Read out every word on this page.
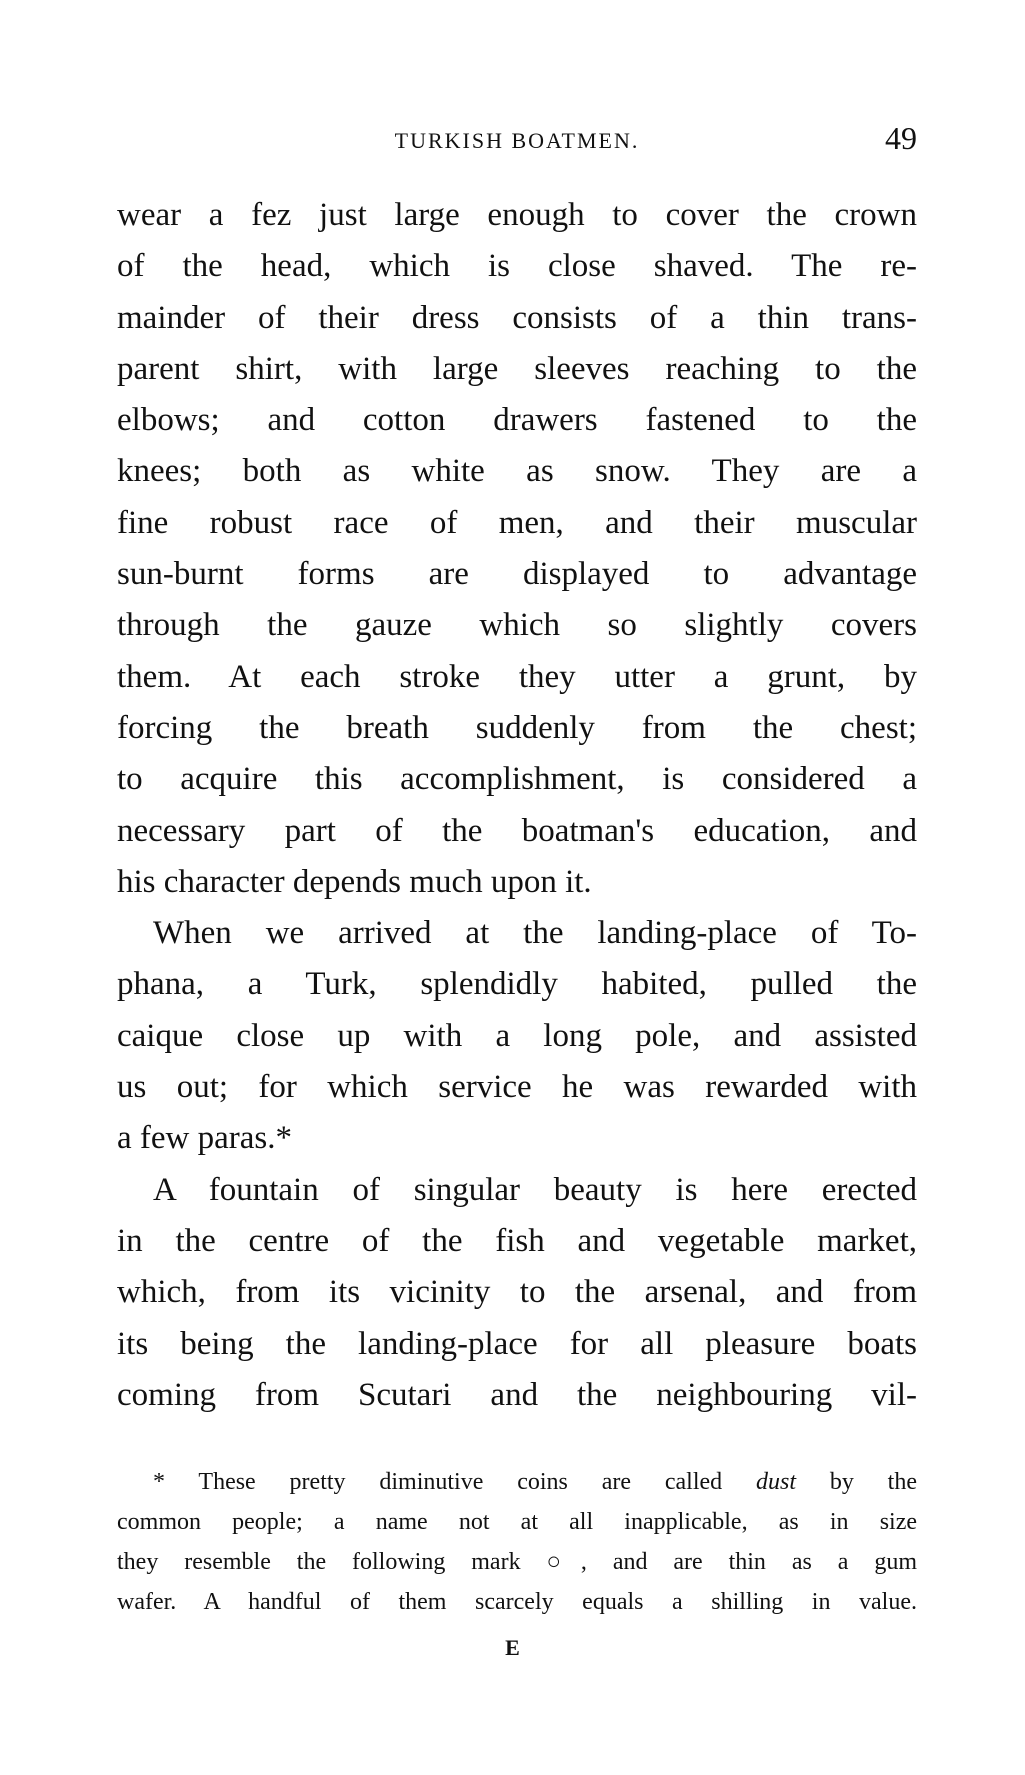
TURKISH BOATMEN.	49
wear a fez just large enough to cover the crown
of the head, which is close shaved. The re-
mainder of their dress consists of a thin trans-
parent shirt, with large sleeves reaching to the
elbows; and cotton drawers fastened to the
knees; both as white as snow. They are a
fine robust race of men, and their muscular
sun-burnt forms are displayed to advantage
through the gauze which so slightly covers
them. At each stroke they utter a grunt, by
forcing the breath suddenly from the chest;
to acquire this accomplishment, is considered a
necessary part of the boatman's education, and
his character depends much upon it.
When we arrived at the landing-place of To-
phana, a Turk, splendidly habited, pulled the
caique close up with a long pole, and assisted
us out; for which service he was rewarded with
a few paras.*
A fountain of singular beauty is here erected
in the centre of the fish and vegetable market,
which, from its vicinity to the arsenal, and from
its being the landing-place for all pleasure boats
coming from Scutari and the neighbouring vil-
* These pretty diminutive coins are called dust by the
common people; a name not at all inapplicable, as in size
they resemble the following mark ○, and are thin as a gum
wafer. A handful of them scarcely equals a shilling in value.
E
